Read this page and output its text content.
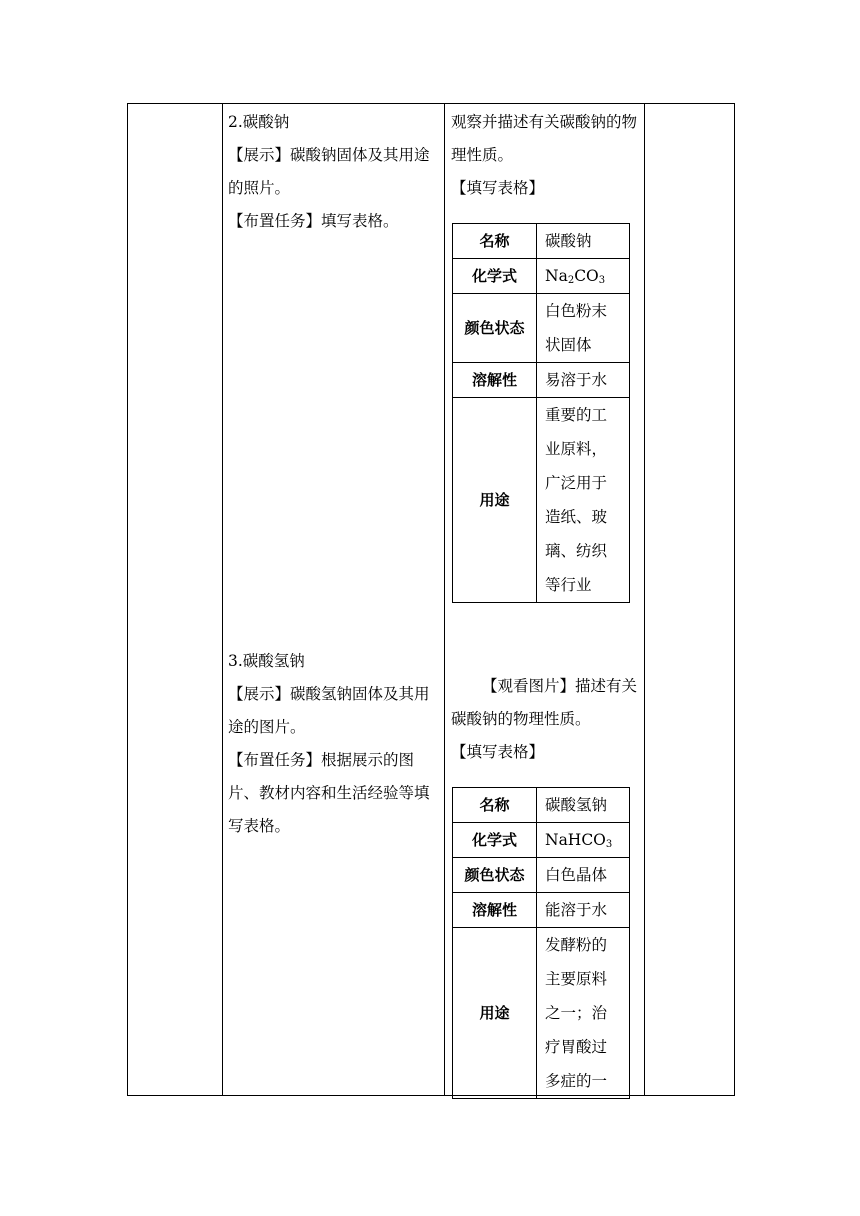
2.碳酸钠

【展示】碳酸钠固体及其用途的照片。

【布置任务】填写表格。

3.碳酸氢钠

【展示】碳酸氢钠固体及其用途的图片。

【布置任务】根据展示的图片、教材内容和生活经验等填写表格。

观察并描述有关碳酸钠的物理性质。

【填写表格】

名称	碳酸钠
化学式	$Na_2CO_3$
颜色状态	白色粉末状固体
溶解性	易溶于水
用途	重要的工业原料，广泛用于造纸、玻璃、纺织等行业

【观看图片】描述有关碳酸钠的物理性质。

【填写表格】

名称	碳酸氢钠
化学式	NaHCO$_3$
颜色状态	白色晶体
溶解性	能溶于水
用途	发酵粉的主要原料之一；治疗胃酸过多症的一
